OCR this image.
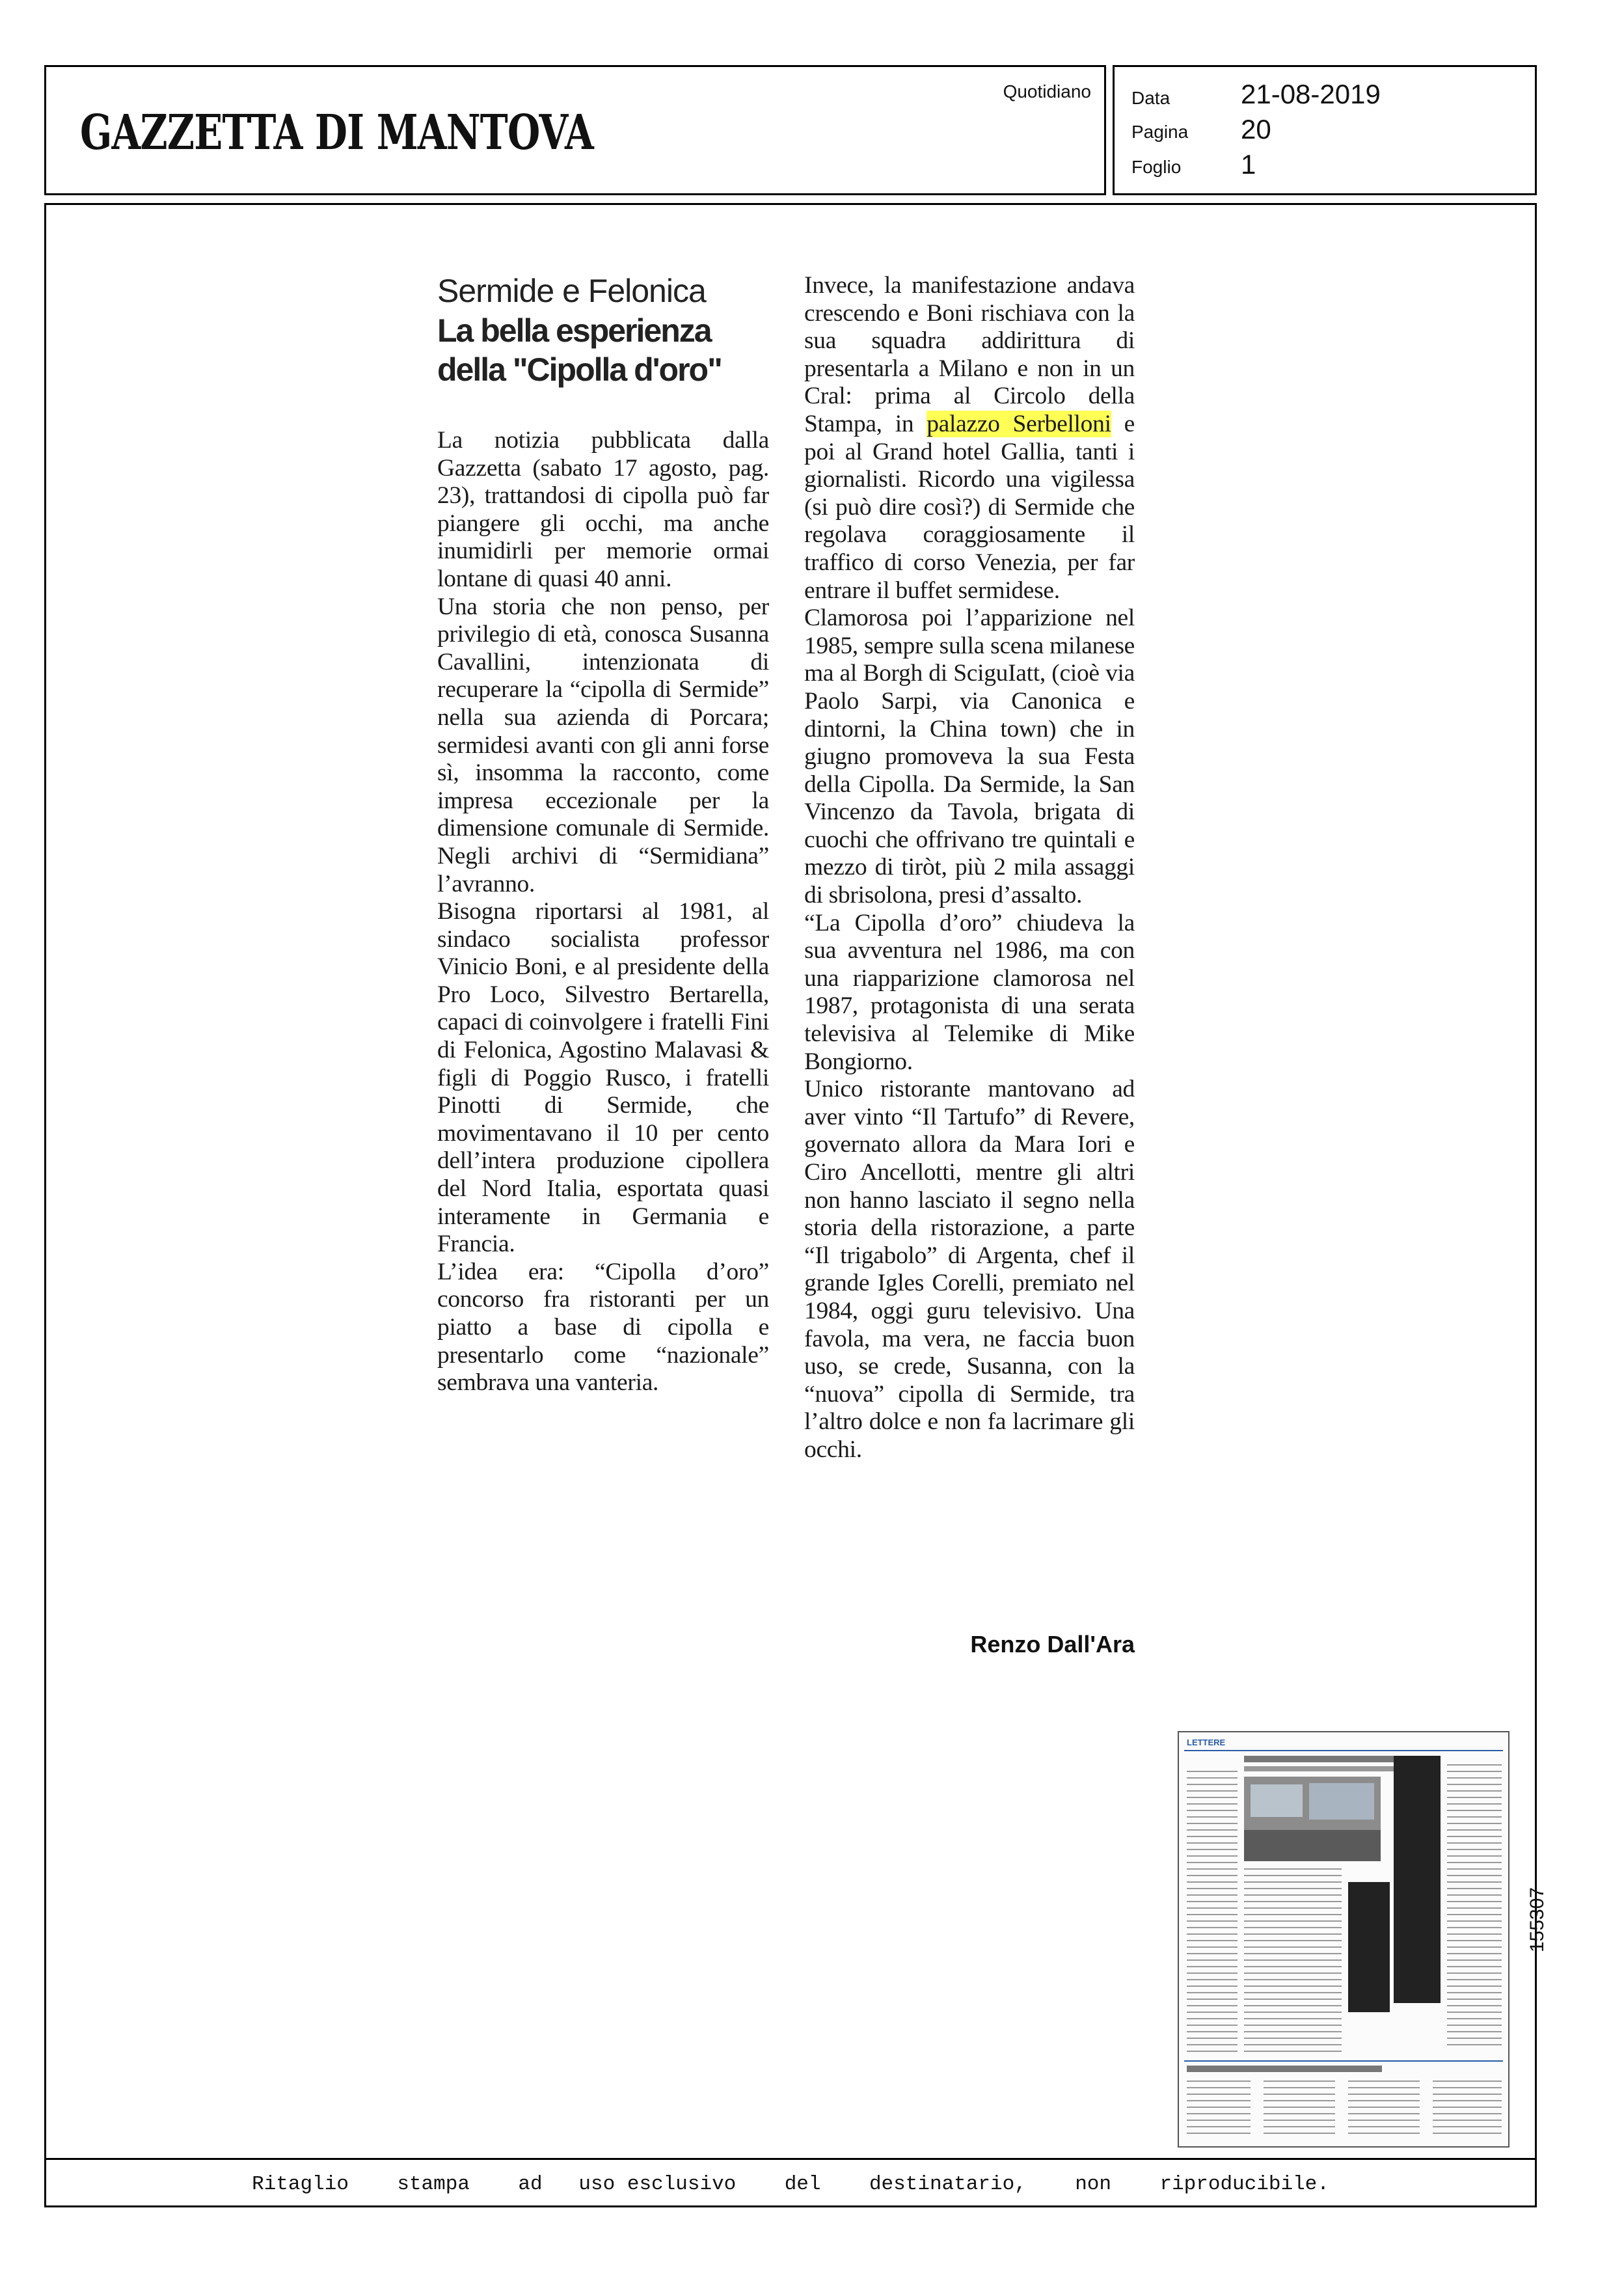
GAZZETTA DI MANTOVA
Quotidiano Data	21-08-2019
Pagina 20
Foglio 1
Sermide e Felonica
La bella esperienza della "Cipolla d'oro"

La notizia pubblicata dalla Gazzetta (sabato 17 agosto, pag. 23), trattandosi di cipolla può far piangere gli occhi, ma anche inumidirli per memorie ormai lontane di quasi 40 anni.

Una storia che non penso, per privilegio di età, conosca Susanna Cavallini, intenzionata di recuperare la “cipolla di Sermide” nella sua azienda di Porcara; sermidesi avanti con gli anni forse sì, insomma la racconto, come impresa eccezionale per la dimensione comunale di Sermide. Negli archivi di “Sermidiana” l’avranno.

Bisogna riportarsi al 1981, al sindaco socialista professor Vinicio Boni, e al presidente della Pro Loco, Silvestro Bertarella, capaci di coinvolgere i fratelli Fini di Felonica, Agostino Malavasi & figli di Poggio Rusco, i fratelli Pinotti di Sermide, che movimentavano il 10 per cento dell’intera produzione cipollera del Nord Italia, esportata quasi interamente in Germania e Francia.

L’idea era: “Cipolla d’oro” concorso fra ristoranti per un piatto a base di cipolla e presentarlo come “nazionale” sembrava una vanteria.

Invece, la manifestazione andava crescendo e Boni rischiava con la sua squadra addirittura di presentarla a Milano e non in un Cral: prima al Circolo della Stampa, in palazzo Serbelloni e poi al Grand hotel Gallia, tanti i giornalisti. Ricordo una vigilessa (si può dire così?) di Sermide che regolava coraggiosamente il traffico di corso Venezia, per far entrare il buffet sermidese.

Clamorosa poi l’apparizione nel 1985, sempre sulla scena milanese ma al Borgh di SciguIatt, (cioè via Paolo Sarpi, via Canonica e dintorni, la China town) che in giugno promoveva la sua Festa della Cipolla. Da Sermide, la San Vincenzo da Tavola, brigata di cuochi che offrivano tre quintali e mezzo di tiròt, più 2 mila assaggi di sbrisolona, presi d’assalto.

“La Cipolla d’oro” chiudeva la sua avventura nel 1986, ma con una riapparizione clamorosa nel 1987, protagonista di una serata televisiva al Telemike di Mike Bongiorno.

Unico ristorante mantovano ad aver vinto “Il Tartufo” di Revere, governato allora da Mara Iori e Ciro Ancellotti, mentre gli altri non hanno lasciato il segno nella storia della ristorazione, a parte “Il trigabolo” di Argenta, chef il grande Igles Corelli, premiato nel 1984, oggi guru televisivo. Una favola, ma vera, ne faccia buon uso, se crede, Susanna, con la “nuova” cipolla di Sermide, tra l’altro dolce e non fa lacrimare gli occhi.

Renzo Dall'Ara
LETTERE
155307
Ritaglio
stampa
ad
uso
esclusivo
del
destinatario,
non
riproducibile.
